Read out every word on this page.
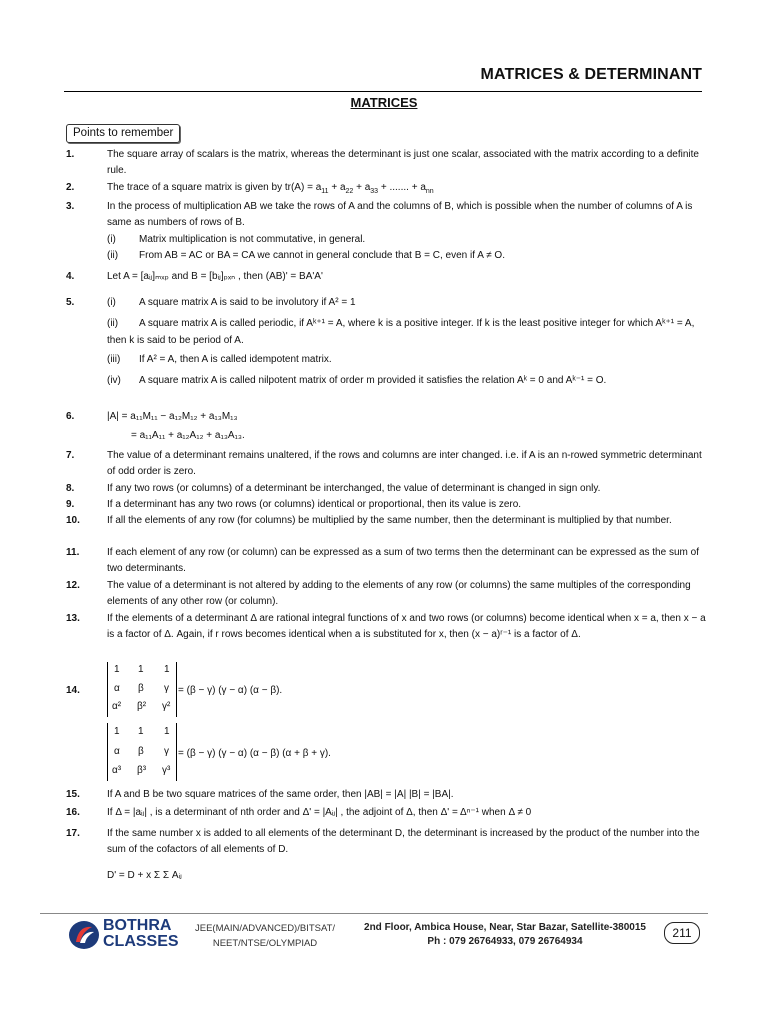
MATRICES & DETERMINANT
MATRICES
Points to remember
1.	The square array of scalars is the matrix, whereas the determinant is just one scalar, associated with the matrix according to a definite rule.
2.	The trace of a square matrix is given by $tr(A) = a_{11} + a_{22} + a_{33}$ + ....... + $a_{nn}$
3.	In the process of multiplication AB we take the rows of A and the columns of B, which is possible when the number of columns of A is same as numbers of rows of B.
(i) Matrix multiplication is not commutative, in general.
(ii) From AB = AC or BA = CA we cannot in general conclude that B = C, even if A ≠ O.
4.	Let A = [aᵢⱼ]ₘₓₚ and B = [bᵢⱼ]ₚₓₙ , then (AB)' = BA'A'
5.	(i) A square matrix A is said to be involutory if A² = 1
(ii) A square matrix A is called periodic, if Aᵏ⁺¹ = A, where k is a positive integer. If k is the least positive integer for which Aᵏ⁺¹ = A, then k is said to be period of A.
(iii) If A² = A, then A is called idempotent matrix.
(iv) A square matrix A is called nilpotent matrix of order m provided it satisfies the relation Aᵏ = 0 and Aᵏ⁻¹ = O.
6.	|A| = a₁₁M₁₁ − a₁₂M₁₂ + a₁₃M₁₃
= a₁₁A₁₁ + a₁₂A₁₂ + a₁₃A₁₃.
7.	The value of a determinant remains unaltered, if the rows and columns are inter changed. i.e. if A is an n-rowed symmetric determinant of odd order is zero.
8.	If any two rows (or columns) of a determinant be interchanged, the value of determinant is changed in sign only.
9.	If a determinant has any two rows (or columns) identical or proportional, then its value is zero.
10.	If all the elements of any row (for columns) be multiplied by the same number, then the determinant is multiplied by that number.
11.	If each element of any row (or column) can be expressed as a sum of two terms then the determinant can be expressed as the sum of two determinants.
12.	The value of a determinant is not altered by adding to the elements of any row (or columns) the same multiples of the corresponding elements of any other row (or column).
13.	If the elements of a determinant Δ are rational integral functions of x and two rows (or columns) become identical when x = a, then x − a is a factor of Δ. Again, if r rows becomes identical when a is substituted for x, then (x − a)ʳ⁻¹ is a factor of Δ.
14.
1 1 1
α β γ
α² β² γ²
= (β − γ) (γ − α) (α − β).
1 1 1
α β γ
α³ β³ γ³
= (β − γ) (γ − α) (α − β) (α + β + γ).
15.	If A and B be two square matrices of the same order, then |AB| = |A| |B| = |BA|.
16.	If Δ = |aᵢⱼ| , is a determinant of nth order and Δ' = |Aᵢⱼ| , the adjoint of Δ, then Δ' = Δⁿ⁻¹ when Δ ≠ 0
17.	If the same number x is added to all elements of the determinant D, the determinant is increased by the product of the number into the sum of the cofactors of all elements of D.
D' = D + x Σ Σ Aᵢⱼ
BOTHRA
CLASSES
JEE(MAIN/ADVANCED)/BITSAT/
NEET/NTSE/OLYMPIAD
2nd Floor, Ambica House, Near, Star Bazar, Satellite-380015
Ph : 079 26764933, 079 26764934
211
